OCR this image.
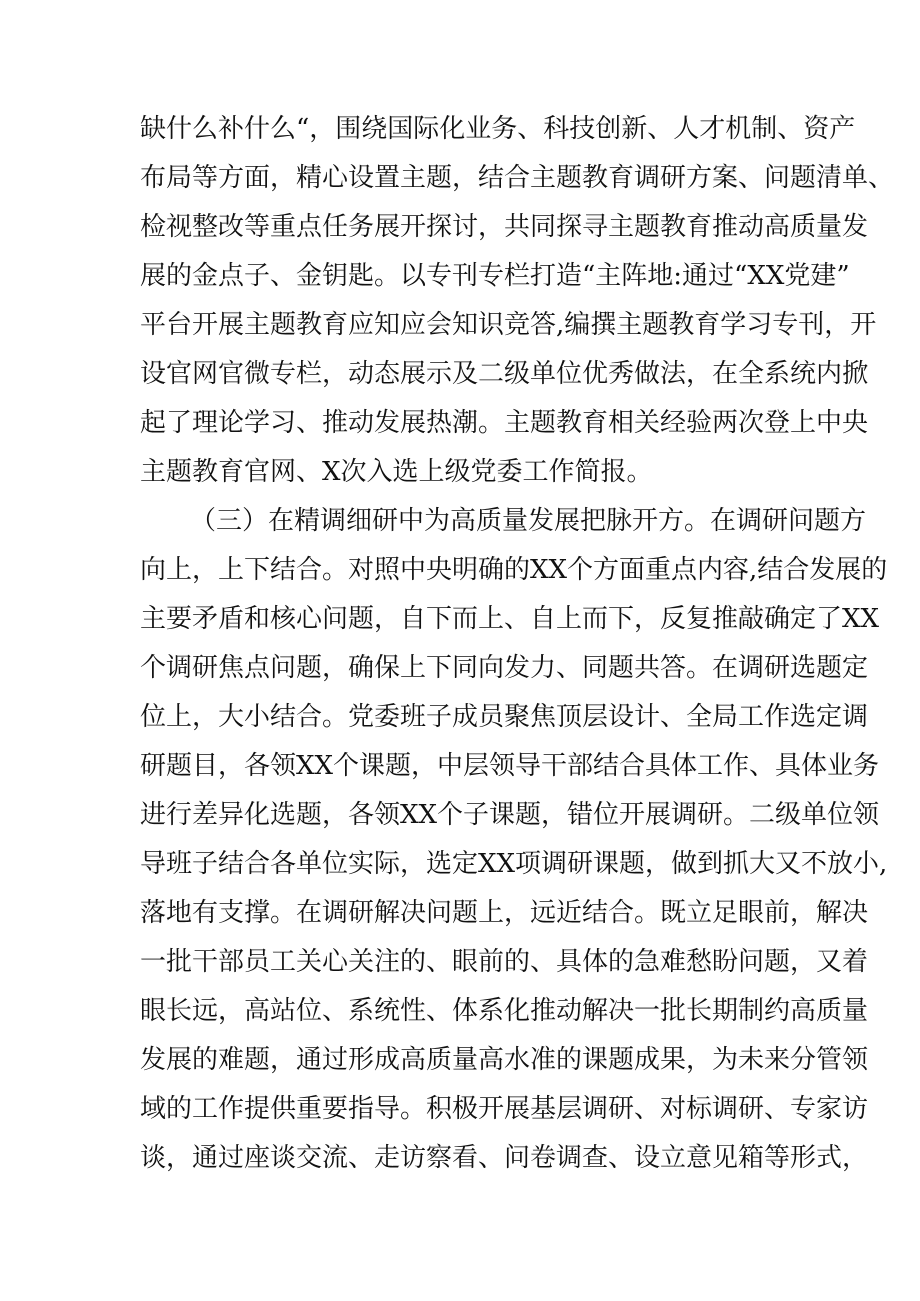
缺什么补什么“，围绕国际化业务、科技创新、人才机制、资产
布局等方面，精心设置主题，结合主题教育调研方案、问题清单、
检视整改等重点任务展开探讨，共同探寻主题教育推动高质量发
展的金点子、金钥匙。以专刊专栏打造“主阵地:通过“XX党建”
平台开展主题教育应知应会知识竞答,编撰主题教育学习专刊，开
设官网官微专栏，动态展示及二级单位优秀做法，在全系统内掀
起了理论学习、推动发展热潮。主题教育相关经验两次登上中央
主题教育官网、X次入选上级党委工作简报。
（三）在精调细研中为高质量发展把脉开方。在调研问题方
向上，上下结合。对照中央明确的XX个方面重点内容,结合发展的
主要矛盾和核心问题，自下而上、自上而下，反复推敲确定了XX
个调研焦点问题，确保上下同向发力、同题共答。在调研选题定
位上，大小结合。党委班子成员聚焦顶层设计、全局工作选定调
研题目，各领XX个课题，中层领导干部结合具体工作、具体业务
进行差异化选题，各领XX个子课题，错位开展调研。二级单位领
导班子结合各单位实际，选定XX项调研课题，做到抓大又不放小,
落地有支撑。在调研解决问题上，远近结合。既立足眼前，解决
一批干部员工关心关注的、眼前的、具体的急难愁盼问题，又着
眼长远，高站位、系统性、体系化推动解决一批长期制约高质量
发展的难题，通过形成高质量高水准的课题成果，为未来分管领
域的工作提供重要指导。积极开展基层调研、对标调研、专家访
谈，通过座谈交流、走访察看、问卷调查、设立意见箱等形式，
